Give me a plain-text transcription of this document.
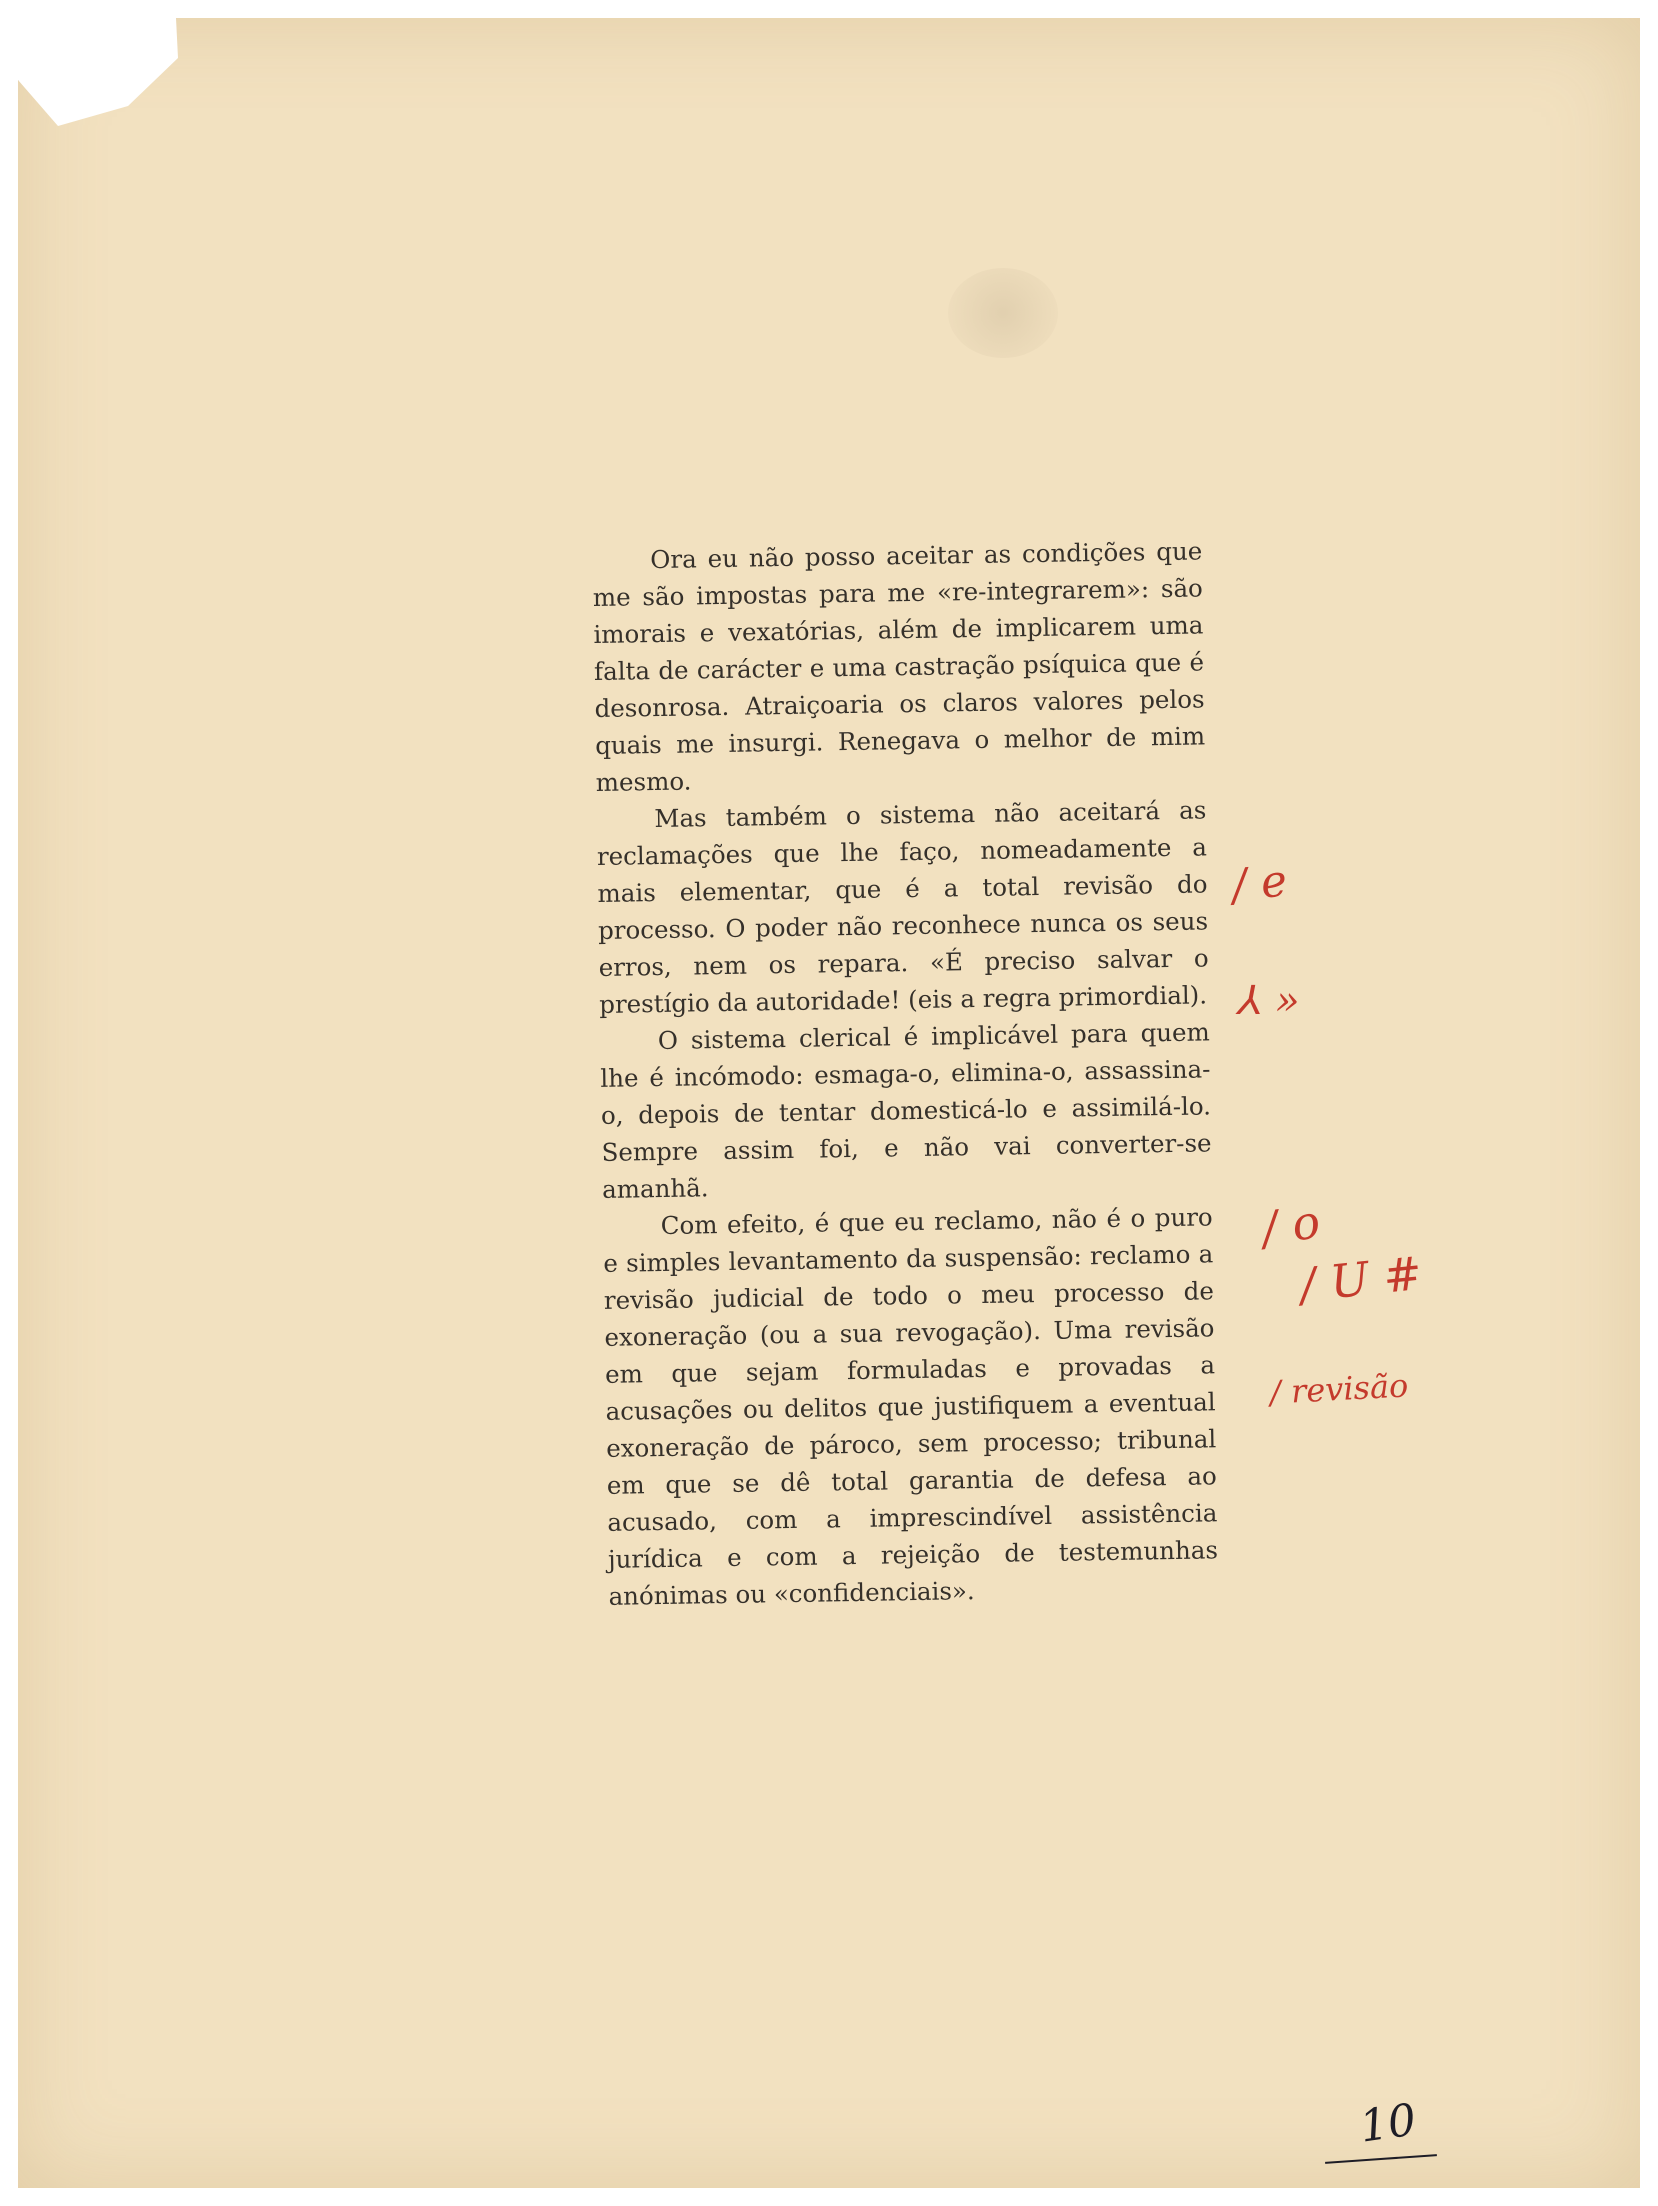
Ora eu não posso aceitar as condições que me são impostas para me «re-integrarem»: são imorais e vexatórias, além de implicarem uma falta de carácter e uma castração psíquica que é desonrosa. Atraiçoaria os claros valores pelos quais me insurgi. Renegava o melhor de mim mesmo.

Mas também o sistema não aceitará as reclamações que lhe faço, nomeadamente a mais elementar, que é a total revisão do processo. O poder não reconhece nunca os seus erros, nem os repara. «É preciso salvar o prestígio da autoridade! (eis a regra primordial).

O sistema clerical é implicável para quem lhe é incómodo: esmaga-o, elimina-o, assassina-o, depois de tentar domesticá-lo e assimilá-lo. Sempre assim foi, e não vai converter-se amanhã.

Com efeito, é que eu reclamo, não é o puro e simples levantamento da suspensão: reclamo a revisão judicial de todo o meu processo de exoneração (ou a sua revogação). Uma revisão em que sejam formuladas e provadas a acusações ou delitos que justifiquem a eventual exoneração de pároco, sem processo; tribunal em que se dê total garantia de defesa ao acusado, com a imprescindível assistência jurídica e com a rejeição de testemunhas anónimas ou «confidenciais».

/ e
⅄ »
/ o
/ U #
/ revisão
10
